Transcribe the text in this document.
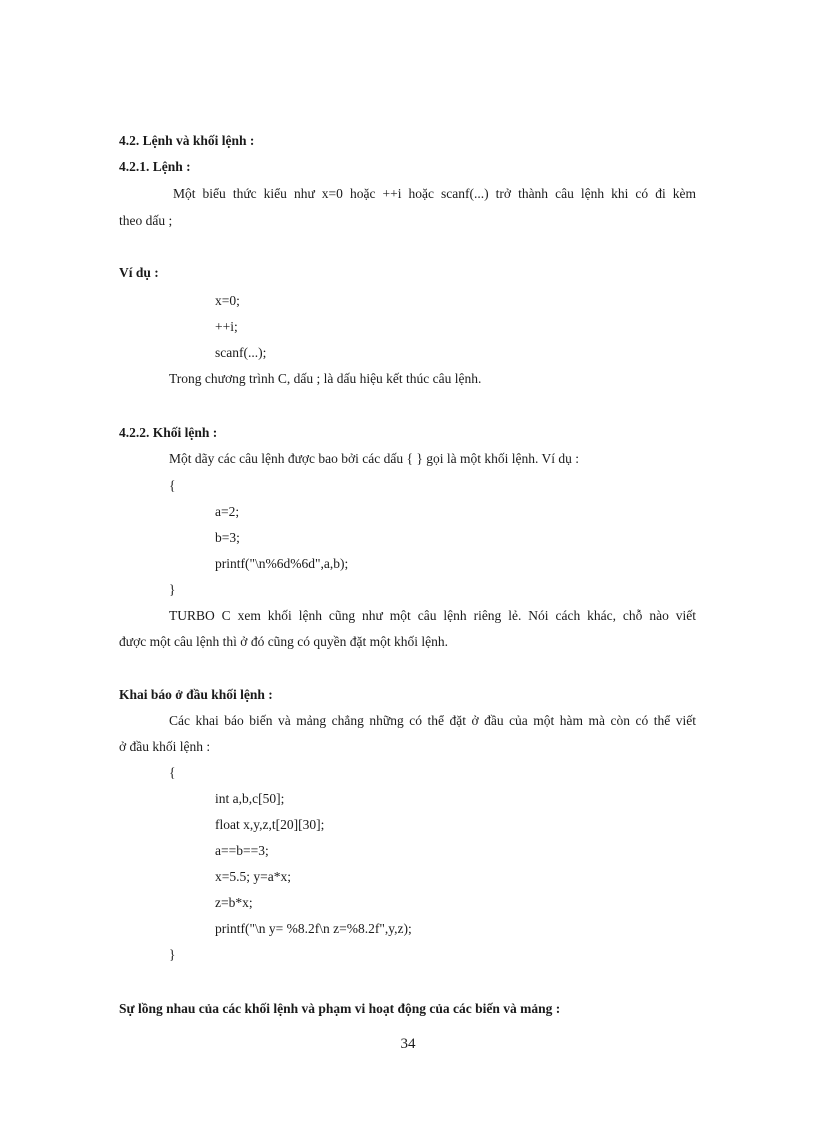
4.2. Lệnh và khối lệnh :
4.2.1. Lệnh :
Một biểu thức kiểu như x=0 hoặc ++i hoặc scanf(...) trở thành câu lệnh khi có đi kèm
theo dấu ;
Ví dụ :
x=0;
++i;
scanf(...);
Trong chương trình C, dấu ; là dấu hiệu kết thúc câu lệnh.
4.2.2. Khối lệnh :
Một dãy các câu lệnh được bao bởi các dấu { } gọi là một khối lệnh. Ví dụ :
{
a=2;
b=3;
printf("\n%6d%6d",a,b);
}
TURBO C xem khối lệnh cũng như một câu lệnh riêng lẻ. Nói cách khác, chỗ nào viết
được một câu lệnh thì ở đó cũng có quyền đặt một khối lệnh.
Khai báo ở đầu khối lệnh :
Các khai báo biến và mảng chẳng những có thể đặt ở đầu của một hàm mà còn có thể viết
ở đầu khối lệnh :
{
int a,b,c[50];
float x,y,z,t[20][30];
a==b==3;
x=5.5; y=a*x;
z=b*x;
printf("\n y= %8.2f\n z=%8.2f",y,z);
}
Sự lồng nhau của các khối lệnh và phạm vi hoạt động của các biến và mảng :
34
